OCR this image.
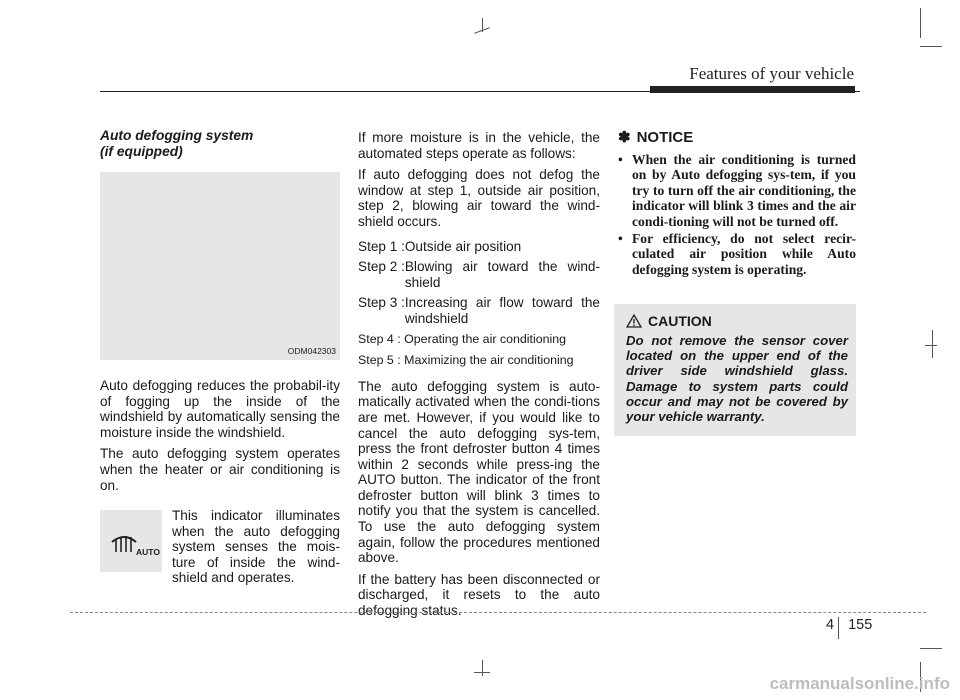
Features of your vehicle
Auto defogging system
(if equipped)
ODM042303

Auto defogging reduces the probabil-ity of fogging up the inside of the windshield by automatically sensing the moisture inside the windshield.

The auto defogging system operates when the heater or air conditioning is on.

AUTO
This indicator illuminates when the auto defogging system senses the mois-ture of inside the wind-shield and operates.

If more moisture is in the vehicle, the automated steps operate as follows:

If auto defogging does not defog the window at step 1, outside air position, step 2, blowing air toward the wind-shield occurs.

Step 1 : Outside air position
Step 2 : Blowing air toward the wind-shield
Step 3 : Increasing air flow toward the windshield
Step 4 : Operating the air conditioning
Step 5 : Maximizing the air conditioning

The auto defogging system is auto-matically activated when the condi-tions are met. However, if you would like to cancel the auto defogging sys-tem, press the front defroster button 4 times within 2 seconds while press-ing the AUTO button. The indicator of the front defroster button will blink 3 times to notify you that the system is cancelled. To use the auto defogging system again, follow the procedures mentioned above.

If the battery has been disconnected or discharged, it resets to the auto defogging status.

✽ NOTICE
• When the air conditioning is turned on by Auto defogging sys-tem, if you try to turn off the air conditioning, the indicator will blink 3 times and the air condi-tioning will not be turned off.
• For efficiency, do not select recir-culated air position while Auto defogging system is operating.
CAUTION
Do not remove the sensor cover located on the upper end of the driver side windshield glass. Damage to system parts could occur and may not be covered by your vehicle warranty.
4 155
carmanualsonline.info
